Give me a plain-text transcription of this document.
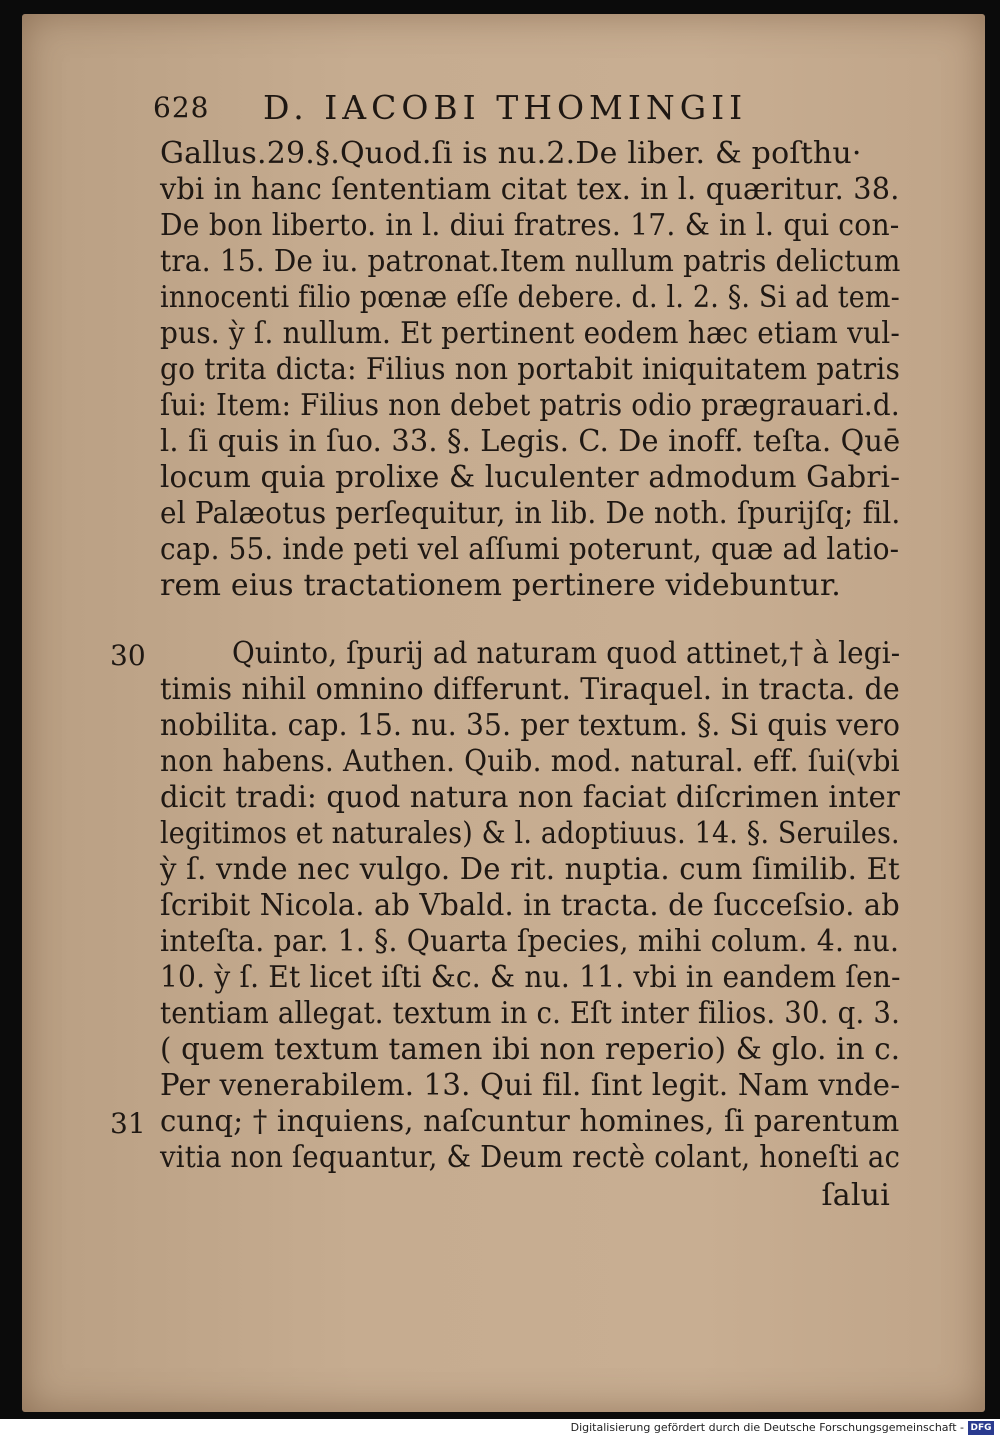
628 D. IACOBI THOMINGII
Gallus.29.§.Quod.ſi is nu.2.De liber. & poſthu·
vbi in hanc ſententiam citat tex. in l. quæritur. 38.
De bon liberto. in l. diui fratres. 17. & in l. qui con-
tra. 15. De iu. patronat.Item nullum patris delictum
innocenti filio pœnæ eſſe debere. d. l. 2. §. Si ad tem-
pus. ỳ ſ. nullum. Et pertinent eodem hæc etiam vul-
go trita dicta: Filius non portabit iniquitatem patris
ſui: Item: Filius non debet patris odio prægrauari.d.
l. ſi quis in ſuo. 33. §. Legis. C. De inoff. teſta. Quē
locum quia prolixe & luculenter admodum Gabri-
el Palæotus perſequitur, in lib. De noth. ſpurijſq; fil.
cap. 55. inde peti vel aſſumi poterunt, quæ ad latio-
rem eius tractationem pertinere videbuntur.
30	Quinto, ſpurij ad naturam quod attinet,† à legi-
timis nihil omnino differunt. Tiraquel. in tracta. de
nobilita. cap. 15. nu. 35. per textum. §. Si quis vero
non habens. Authen. Quib. mod. natural. eff. ſui(vbi
dicit tradi: quod natura non faciat diſcrimen inter
legitimos et naturales) & l. adoptiuus. 14. §. Seruiles.
ỳ ſ. vnde nec vulgo. De rit. nuptia. cum ſimilib. Et
ſcribit Nicola. ab Vbald. in tracta. de ſucceſsio. ab
inteſta. par. 1. §. Quarta ſpecies, mihi colum. 4. nu.
10. ỳ ſ. Et licet iſti &c. & nu. 11. vbi in eandem ſen-
tentiam allegat. textum in c. Eſt inter filios. 30. q. 3.
( quem textum tamen ibi non reperio) & glo. in c.
Per venerabilem. 13. Qui fil. ſint legit. Nam vnde-
31 cunq; † inquiens, naſcuntur homines, ſi parentum
vitia non ſequantur, & Deum rectè colant, honeſti ac
ſalui
Digitalisierung gefördert durch die Deutsche Forschungsgemeinschaft - DFG
